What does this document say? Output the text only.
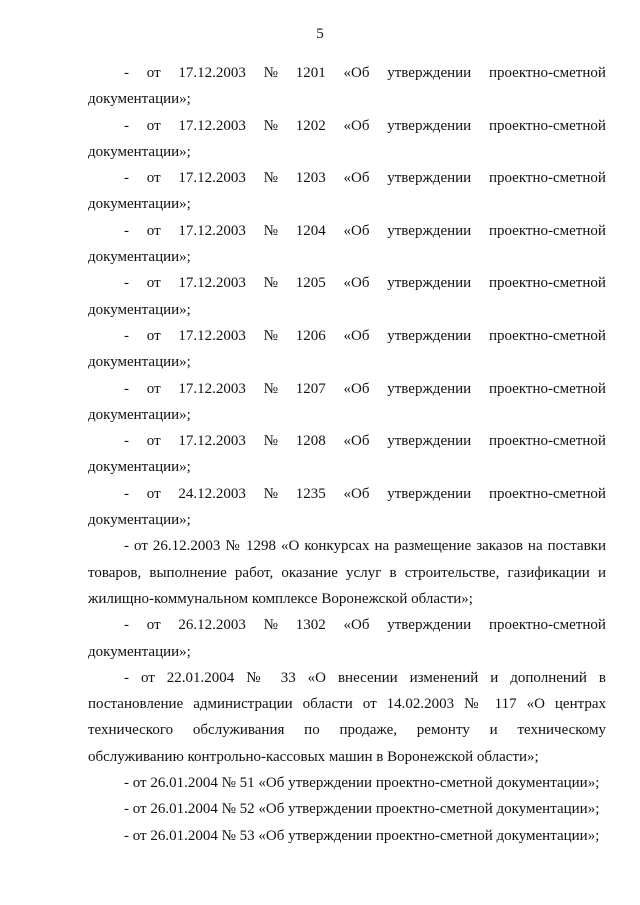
5
- от 17.12.2003 № 1201 «Об утверждении проектно-сметной
документации»;
- от 17.12.2003 № 1202 «Об утверждении проектно-сметной
документации»;
- от 17.12.2003 № 1203 «Об утверждении проектно-сметной
документации»;
- от 17.12.2003 № 1204 «Об утверждении проектно-сметной
документации»;
- от 17.12.2003 № 1205 «Об утверждении проектно-сметной
документации»;
- от 17.12.2003 № 1206 «Об утверждении проектно-сметной
документации»;
- от 17.12.2003 № 1207 «Об утверждении проектно-сметной
документации»;
- от 17.12.2003 № 1208 «Об утверждении проектно-сметной
документации»;
- от 24.12.2003 № 1235 «Об утверждении проектно-сметной
документации»;

- от 26.12.2003 № 1298 «О конкурсах на размещение заказов на поставки товаров, выполнение работ, оказание услуг в строительстве, газификации и жилищно-коммунальном комплексе Воронежской области»;

- от 26.12.2003 № 1302 «Об утверждении проектно-сметной
документации»;

- от 22.01.2004 № 33 «О внесении изменений и дополнений в постановление администрации области от 14.02.2003 № 117 «О центрах технического обслуживания по продаже, ремонту и техническому обслуживанию контрольно-кассовых машин в Воронежской области»;

- от 26.01.2004 № 51 «Об утверждении проектно-сметной документации»;

- от 26.01.2004 № 52 «Об утверждении проектно-сметной документации»;

- от 26.01.2004 № 53 «Об утверждении проектно-сметной документации»;
